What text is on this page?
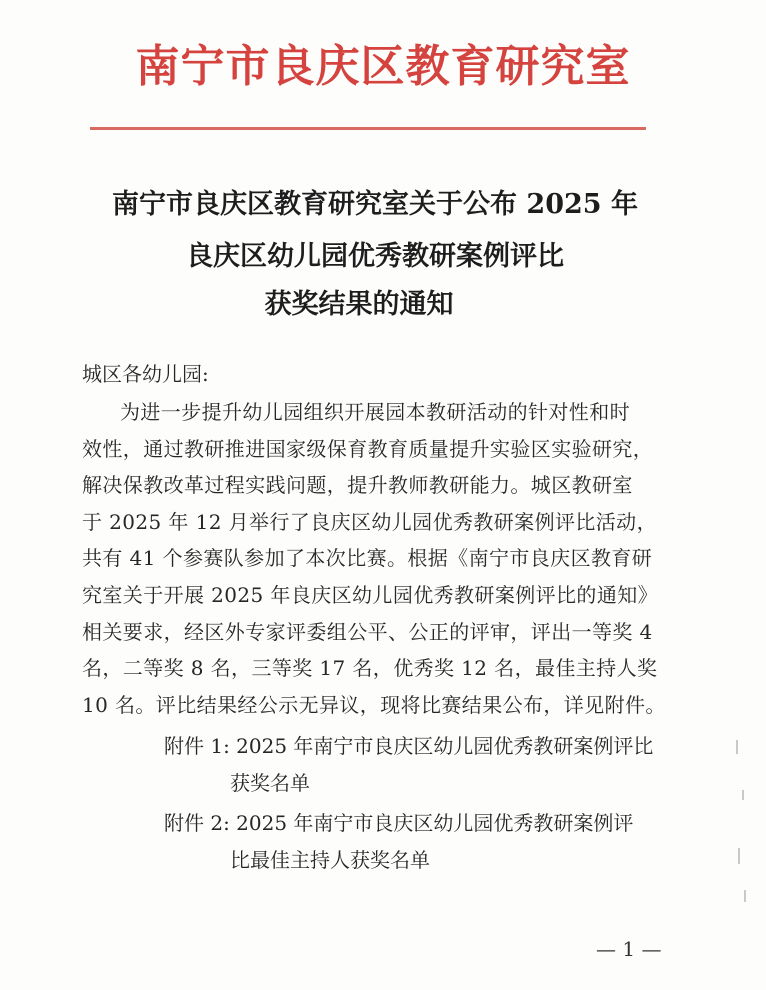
南宁市良庆区教育研究室
南宁市良庆区教育研究室关于公布 2025 年
良庆区幼儿园优秀教研案例评比
获奖结果的通知
城区各幼儿园:
为进一步提升幼儿园组织开展园本教研活动的针对性和时
效性，通过教研推进国家级保育教育质量提升实验区实验研究，
解决保教改革过程实践问题，提升教师教研能力。城区教研室
于 2025 年 12 月举行了良庆区幼儿园优秀教研案例评比活动，
共有 41 个参赛队参加了本次比赛。根据《南宁市良庆区教育研
究室关于开展 2025 年良庆区幼儿园优秀教研案例评比的通知》
相关要求，经区外专家评委组公平、公正的评审，评出一等奖 4
名，二等奖 8 名，三等奖 17 名，优秀奖 12 名，最佳主持人奖
10 名。评比结果经公示无异议，现将比赛结果公布，详见附件。
附件 1: 2025 年南宁市良庆区幼儿园优秀教研案例评比
获奖名单
附件 2: 2025 年南宁市良庆区幼儿园优秀教研案例评
比最佳主持人获奖名单
— 1 —
